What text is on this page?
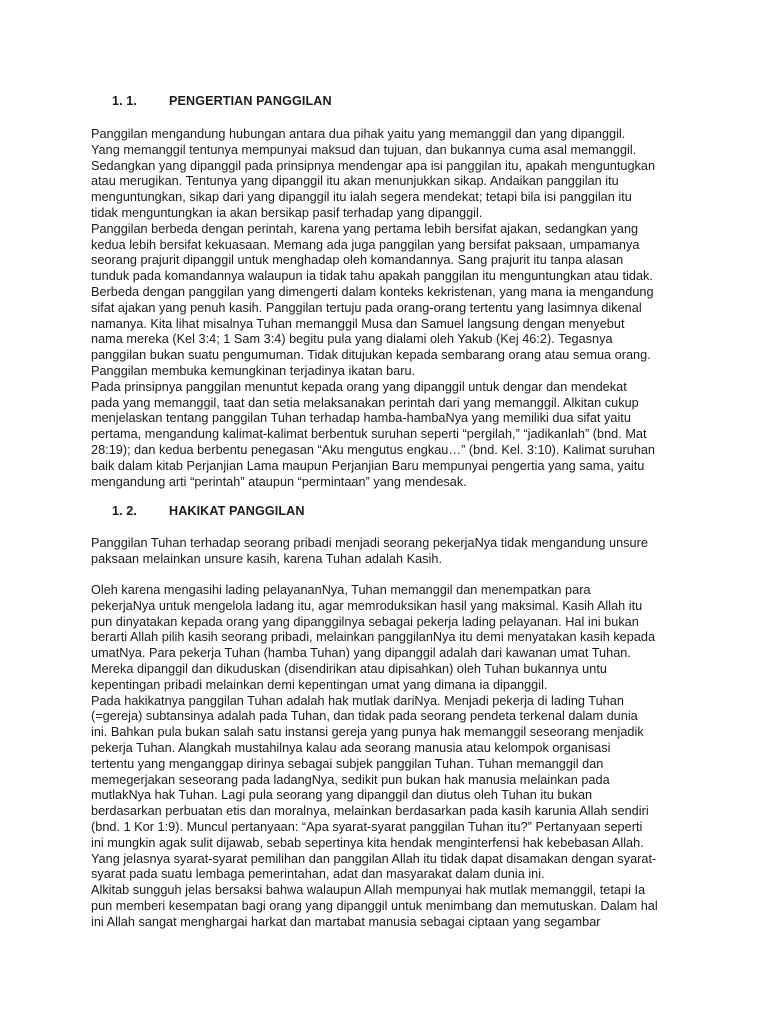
1. 1.	PENGERTIAN PANGGILAN

Panggilan mengandung hubungan antara dua pihak yaitu yang memanggil dan yang dipanggil.

Yang memanggil tentunya mempunyai maksud dan tujuan, dan bukannya cuma asal memanggil.

Sedangkan yang dipanggil pada prinsipnya mendengar apa isi panggilan itu, apakah menguntugkan

atau merugikan. Tentunya yang dipanggil itu akan menunjukkan sikap. Andaikan panggilan itu

menguntungkan, sikap dari yang dipanggil itu ialah segera mendekat; tetapi bila isi panggilan itu

tidak menguntungkan ia akan bersikap pasif terhadap yang dipanggil.

Panggilan berbeda dengan perintah, karena yang pertama lebih bersifat ajakan, sedangkan yang

kedua lebih bersifat kekuasaan. Memang ada juga panggilan yang bersifat paksaan, umpamanya

seorang prajurit dipanggil untuk menghadap oleh komandannya. Sang prajurit itu tanpa alasan

tunduk pada komandannya walaupun ia tidak tahu apakah panggilan itu menguntungkan atau tidak.

Berbeda dengan panggilan yang dimengerti dalam konteks kekristenan, yang mana ia mengandung

sifat ajakan yang penuh kasih. Panggilan tertuju pada orang-orang tertentu yang lasimnya dikenal

namanya. Kita lihat misalnya Tuhan memanggil Musa dan Samuel langsung dengan menyebut

nama mereka (Kel 3:4; 1 Sam 3:4) begitu pula yang dialami oleh Yakub (Kej 46:2). Tegasnya

panggilan bukan suatu pengumuman. Tidak ditujukan kepada sembarang orang atau semua orang.

Panggilan membuka kemungkinan terjadinya ikatan baru.

Pada prinsipnya panggilan menuntut kepada orang yang dipanggil untuk dengar dan mendekat

pada yang memanggil, taat dan setia melaksanakan perintah dari yang memanggil. Alkitan cukup

menjelaskan tentang panggilan Tuhan terhadap hamba-hambaNya yang memiliki dua sifat yaitu

pertama, mengandung kalimat-kalimat berbentuk suruhan seperti “pergilah,” “jadikanlah” (bnd. Mat

28:19); dan kedua berbentu penegasan “Aku mengutus engkau…” (bnd. Kel. 3:10). Kalimat suruhan

baik dalam kitab Perjanjian Lama maupun Perjanjian Baru mempunyai pengertia yang sama, yaitu

mengandung arti “perintah” ataupun “permintaan” yang mendesak.

1. 2.	HAKIKAT PANGGILAN

Panggilan Tuhan terhadap seorang pribadi menjadi seorang pekerjaNya tidak mengandung unsure

paksaan melainkan unsure kasih, karena Tuhan adalah Kasih.

Oleh karena mengasihi lading pelayananNya, Tuhan memanggil dan menempatkan para

pekerjaNya untuk mengelola ladang itu, agar memroduksikan hasil yang maksimal. Kasih Allah itu

pun dinyatakan kepada orang yang dipanggilnya sebagai pekerja lading pelayanan. Hal ini bukan

berarti Allah pilih kasih seorang pribadi, melainkan panggilanNya itu demi menyatakan kasih kepada

umatNya. Para pekerja Tuhan (hamba Tuhan) yang dipanggil adalah dari kawanan umat Tuhan.

Mereka dipanggil dan dikuduskan (disendirikan atau dipisahkan) oleh Tuhan bukannya untu

kepentingan pribadi melainkan demi kepentingan umat yang dimana ia dipanggil.

Pada hakikatnya panggilan Tuhan adalah hak mutlak dariNya. Menjadi pekerja di lading Tuhan

(=gereja) subtansinya adalah pada Tuhan, dan tidak pada seorang pendeta terkenal dalam dunia

ini. Bahkan pula bukan salah satu instansi gereja yang punya hak memanggil seseorang menjadik

pekerja Tuhan. Alangkah mustahilnya kalau ada seorang manusia atau kelompok organisasi

tertentu yang menganggap dirinya sebagai subjek panggilan Tuhan. Tuhan memanggil dan

memegerjakan seseorang pada ladangNya, sedikit pun bukan hak manusia melainkan pada

mutlakNya hak Tuhan. Lagi pula seorang yang dipanggil dan diutus oleh Tuhan itu bukan

berdasarkan perbuatan etis dan moralnya, melainkan berdasarkan pada kasih karunia Allah sendiri

(bnd. 1 Kor 1:9). Muncul pertanyaan: “Apa syarat-syarat panggilan Tuhan itu?” Pertanyaan seperti

ini mungkin agak sulit dijawab, sebab sepertinya kita hendak menginterfensi hak kebebasan Allah.

Yang jelasnya syarat-syarat pemilihan dan panggilan Allah itu tidak dapat disamakan dengan syarat-

syarat pada suatu lembaga pemerintahan, adat dan masyarakat dalam dunia ini.

Alkitab sungguh jelas bersaksi bahwa walaupun Allah mempunyai hak mutlak memanggil, tetapi Ia

pun memberi kesempatan bagi orang yang dipanggil untuk menimbang dan memutuskan. Dalam hal

ini Allah sangat menghargai harkat dan martabat manusia sebagai ciptaan yang segambar
